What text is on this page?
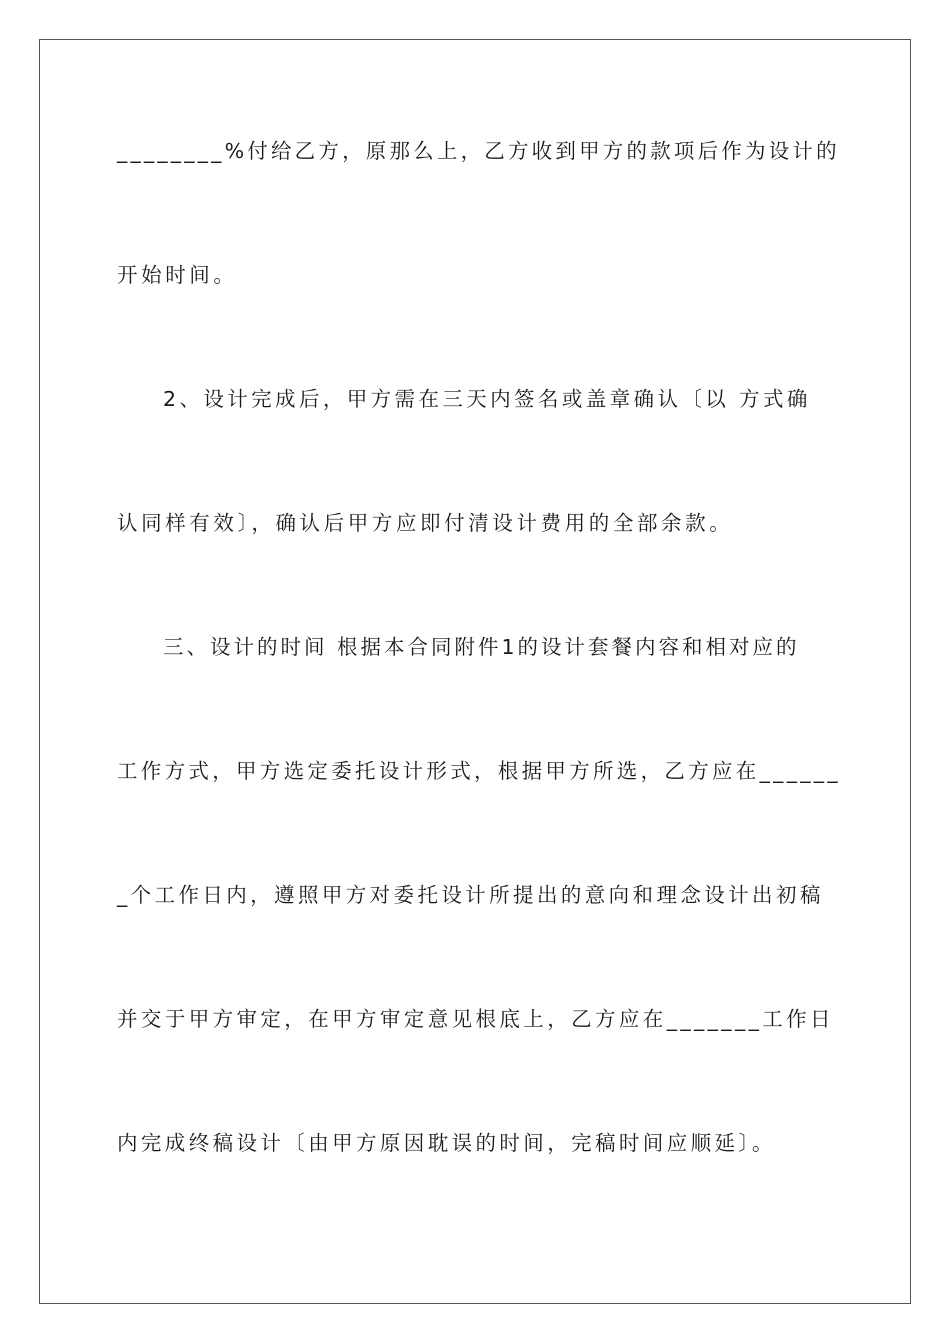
________%付给乙方，原那么上，乙方收到甲方的款项后作为设计的
开始时间。
2、设计完成后，甲方需在三天内签名或盖章确认〔以 方式确
认同样有效〕，确认后甲方应即付清设计费用的全部余款。
三、设计的时间 根据本合同附件1的设计套餐内容和相对应的
工作方式，甲方选定委托设计形式，根据甲方所选，乙方应在______
_个工作日内，遵照甲方对委托设计所提出的意向和理念设计出初稿
并交于甲方审定，在甲方审定意见根底上，乙方应在_______工作日
内完成终稿设计〔由甲方原因耽误的时间，完稿时间应顺延〕。
